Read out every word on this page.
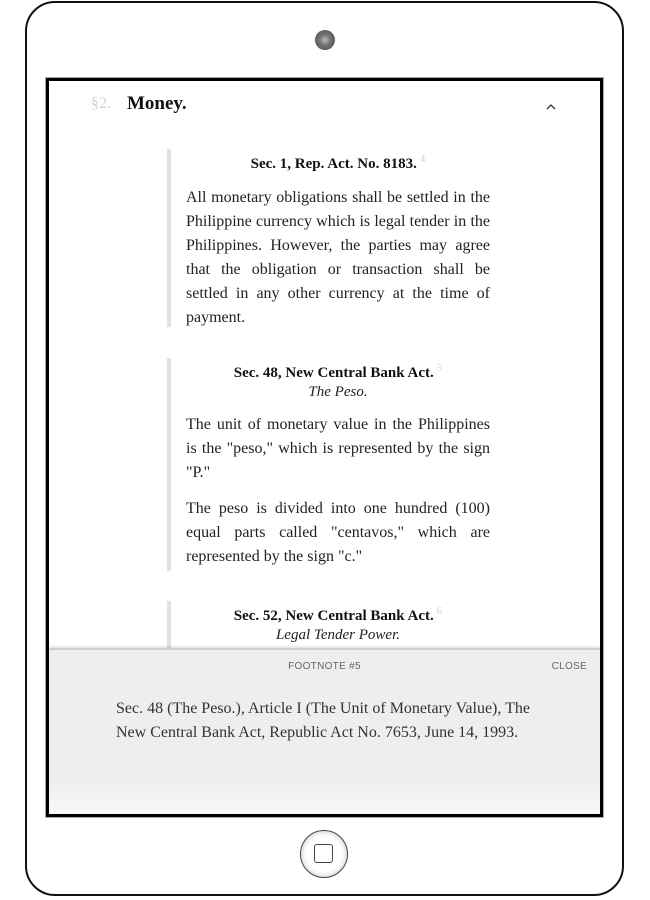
§2. Money.
Sec. 1, Rep. Act. No. 8183. $^4$
All monetary obligations shall be settled in the Philippine currency which is legal tender in the Philippines. However, the parties may agree that the obligation or transaction shall be settled in any other currency at the time of payment.
Sec. 48, New Central Bank Act. $^5$
The Peso.
The unit of monetary value in the Philippines is the "peso," which is represented by the sign "P."
The peso is divided into one hundred (100) equal parts called "centavos," which are represented by the sign "c."
Sec. 52, New Central Bank Act. $^6$
Legal Tender Power.
FOOTNOTE #5	CLOSE
Sec. 48 (The Peso.), Article I (The Unit of Monetary Value), The New Central Bank Act, Republic Act No. 7653, June 14, 1993.
